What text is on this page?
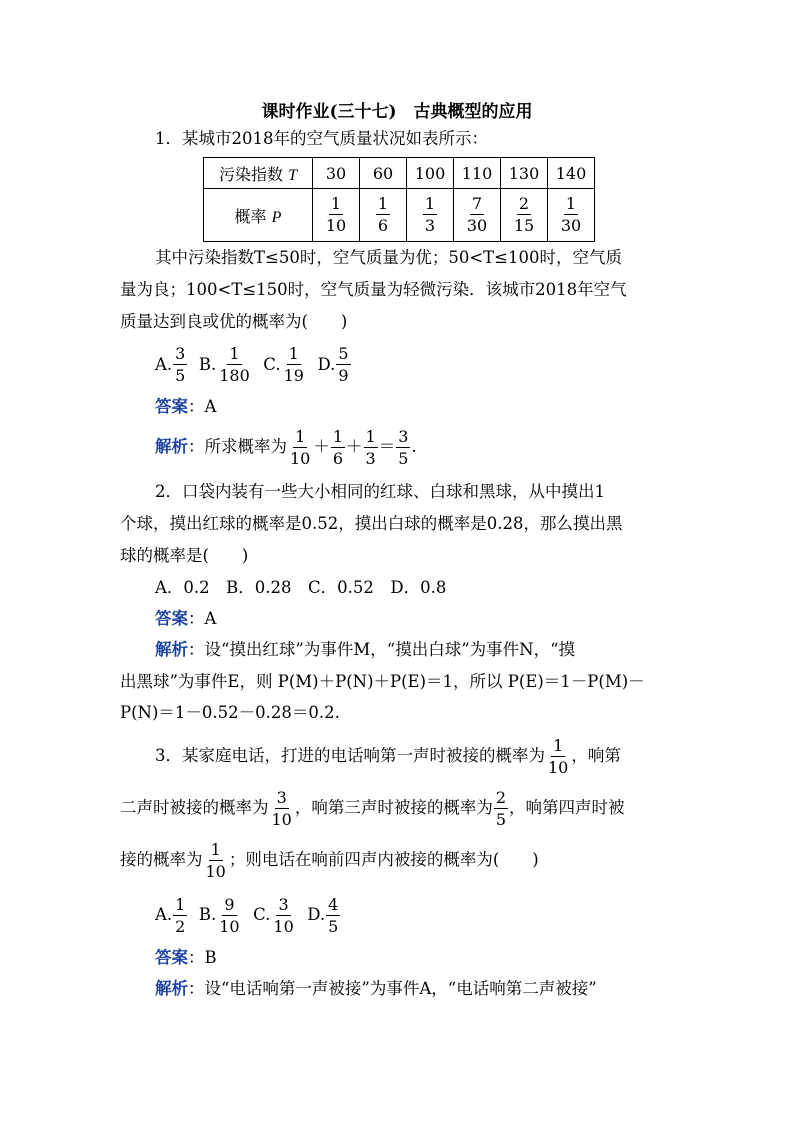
课时作业(三十七)　古典概型的应用
1．某城市2018年的空气质量状况如表所示：
污染指数 T	30	60	100	110	130	140
概率 P	$\frac{1}{10}$	$\frac{1}{6}$	$\frac{1}{3}$	$\frac{7}{30}$	$\frac{2}{15}$	$\frac{1}{30}$
其中污染指数T≤50时，空气质量为优；50<T≤100时，空气质
量为良；100<T≤150时，空气质量为轻微污染．该城市2018年空气
质量达到良或优的概率为(　　)
A. $\frac{3}{5} B$. $\frac{1}{180} C$. $\frac{1}{19} D$. $\frac{5}{9}$
答案：A
解析：所求概率为 $\frac{1}{10} + \frac{1}{6} + \frac{1}{3} = \frac{3}{5}$ .
2．口袋内装有一些大小相同的红球、白球和黑球，从中摸出1
个球，摸出红球的概率是0.52，摸出白球的概率是0.28，那么摸出黑
球的概率是(　　)
A．0.2　B．0.28　C．0.52　D．0.8
答案：A
解析：设“摸出红球”为事件M，“摸出白球”为事件N，“摸
出黑球”为事件E，则 P(M)＋P(N)＋P(E)＝1，所以 P(E)＝1－P(M)－
P(N)＝1－0.52－0.28＝0.2.
3．某家庭电话，打进的电话响第一声时被接的概率为 $\frac{1}{10}$ ，响第
二声时被接的概率为 $\frac{3}{10}$ ，响第三声时被接的概率为 $\frac{2}{5}$ ，响第四声时被
接的概率为 $\frac{1}{10}$ ；则电话在响前四声内被接的概率为(　　)
A. $\frac{1}{2} B$. $\frac{9}{10} C$. $\frac{3}{10} D$. $\frac{4}{5}$
答案：B
解析：设“电话响第一声被接”为事件A，“电话响第二声被接”
